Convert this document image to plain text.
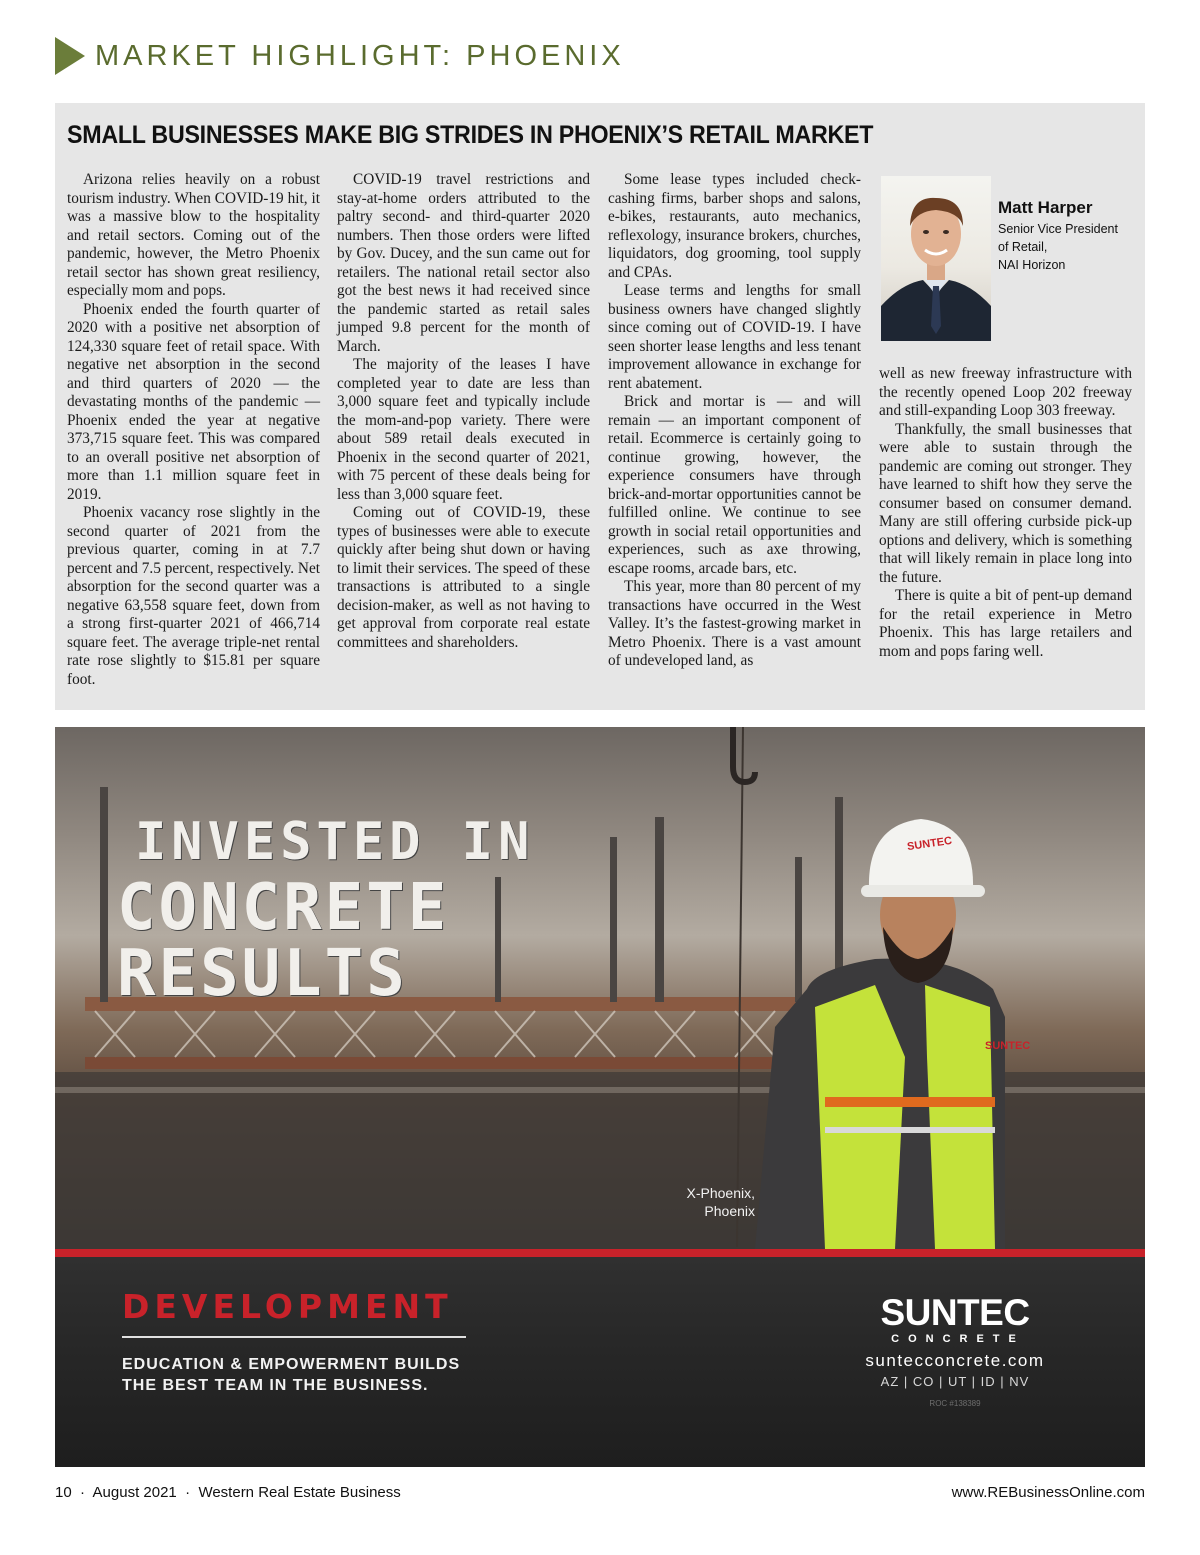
MARKET HIGHLIGHT: PHOENIX
SMALL BUSINESSES MAKE BIG STRIDES IN PHOENIX’S RETAIL MARKET

Arizona relies heavily on a robust tourism industry. When COVID-19 hit, it was a massive blow to the hospitality and retail sectors. Coming out of the pandemic, however, the Metro Phoenix retail sector has shown great resiliency, especially mom and pops.

Phoenix ended the fourth quarter of 2020 with a positive net absorption of 124,330 square feet of retail space. With negative net absorption in the second and third quarters of 2020 — the devastating months of the pandemic — Phoenix ended the year at negative 373,715 square feet. This was compared to an overall positive net absorption of more than 1.1 million square feet in 2019.

Phoenix vacancy rose slightly in the second quarter of 2021 from the previous quarter, coming in at 7.7 percent and 7.5 percent, respectively. Net absorption for the second quarter was a negative 63,558 square feet, down from a strong first-quarter 2021 of 466,714 square feet. The average triple-net rental rate rose slightly to $15.81 per square foot.

COVID-19 travel restrictions and stay-at-home orders attributed to the paltry second- and third-quarter 2020 numbers. Then those orders were lifted by Gov. Ducey, and the sun came out for retailers. The national retail sector also got the best news it had received since the pandemic started as retail sales jumped 9.8 percent for the month of March.

The majority of the leases I have completed year to date are less than 3,000 square feet and typically include the mom-and-pop variety. There were about 589 retail deals executed in Phoenix in the second quarter of 2021, with 75 percent of these deals being for less than 3,000 square feet.

Coming out of COVID-19, these types of businesses were able to execute quickly after being shut down or having to limit their services. The speed of these transactions is attributed to a single decision-maker, as well as not having to get approval from corporate real estate committees and shareholders.

Some lease types included check-cashing firms, barber shops and salons, e-bikes, restaurants, auto mechanics, reflexology, insurance brokers, churches, liquidators, dog grooming, tool supply and CPAs.

Lease terms and lengths for small business owners have changed slightly since coming out of COVID-19. I have seen shorter lease lengths and less tenant improvement allowance in exchange for rent abatement.

Brick and mortar is — and will remain — an important component of retail. Ecommerce is certainly going to continue growing, however, the experience consumers have through brick-and-mortar opportunities cannot be fulfilled online. We continue to see growth in social retail opportunities and experiences, such as axe throwing, escape rooms, arcade bars, etc.

This year, more than 80 percent of my transactions have occurred in the West Valley. It’s the fastest-growing market in Metro Phoenix. There is a vast amount of undeveloped land, as

Matt Harper
Senior Vice President
of Retail,
NAI Horizon

well as new freeway infrastructure with the recently opened Loop 202 freeway and still-expanding Loop 303 freeway.

Thankfully, the small businesses that were able to sustain through the pandemic are coming out stronger. They have learned to shift how they serve the consumer based on consumer demand. Many are still offering curbside pick-up options and delivery, which is something that will likely remain in place long into the future.

There is quite a bit of pent-up demand for the retail experience in Metro Phoenix. This has large retailers and mom and pops faring well.

INVESTED IN
CONCRETE
RESULTS
SUNTEC
SUNTEC
X-Phoenix,
Phoenix
DEVELOPMENT
EDUCATION & EMPOWERMENT BUILDS
THE BEST TEAM IN THE BUSINESS.
SUNTEC
CONCRETE
suntecconcrete.com
AZ | CO | UT | ID | NV
ROC #138389
10  ·  August 2021  ·  Western Real Estate Business	www.REBusinessOnline.com
